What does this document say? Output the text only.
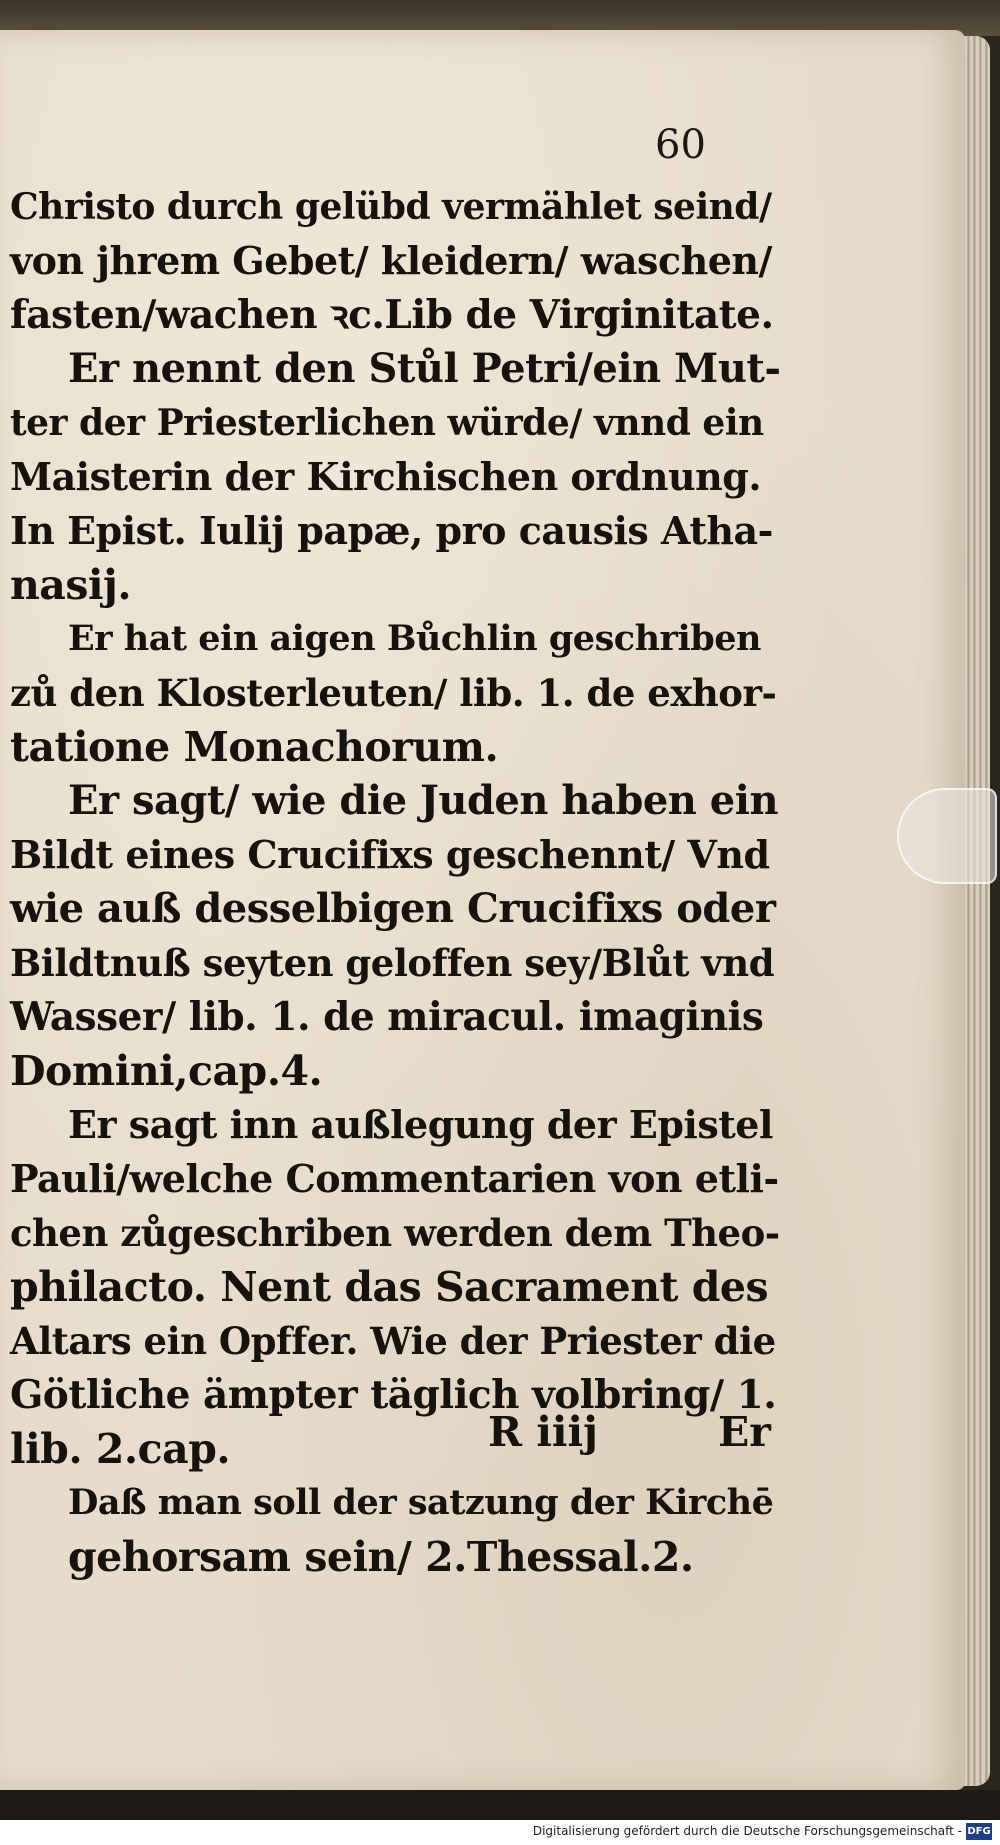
60
Christo durch gelübd vermählet seind/
von jhrem Gebet/ kleidern/ waschen/
fasten/wachen ꝛc.Lib de Virginitate.
Er nennt den Stůl Petri/ein Mut-
ter der Priesterlichen würde/ vnnd ein
Maisterin der Kirchischen ordnung.
In Epist. Iulij papæ, pro causis Atha-
nasij.
Er hat ein aigen Bůchlin geschriben
zů den Klosterleuten/ lib. 1. de exhor-
tatione Monachorum.
Er sagt/ wie die Juden haben ein
Bildt eines Crucifixs geschennt/ Vnd
wie auß desselbigen Crucifixs oder
Bildtnuß seyten geloffen sey/Blůt vnd
Wasser/ lib. 1. de miracul. imaginis
Domini,cap.4.
Er sagt inn außlegung der Epistel
Pauli/welche Commentarien von etli-
chen zůgeschriben werden dem Theo-
philacto. Nent das Sacrament des
Altars ein Opffer. Wie der Priester die
Götliche ämpter täglich volbring/ 1.
lib. 2.cap.
Daß man soll der satzung der Kirchē
gehorsam sein/ 2.Thessal.2.
R iiij	Er
Digitalisierung gefördert durch die Deutsche Forschungsgemeinschaft - DFG
